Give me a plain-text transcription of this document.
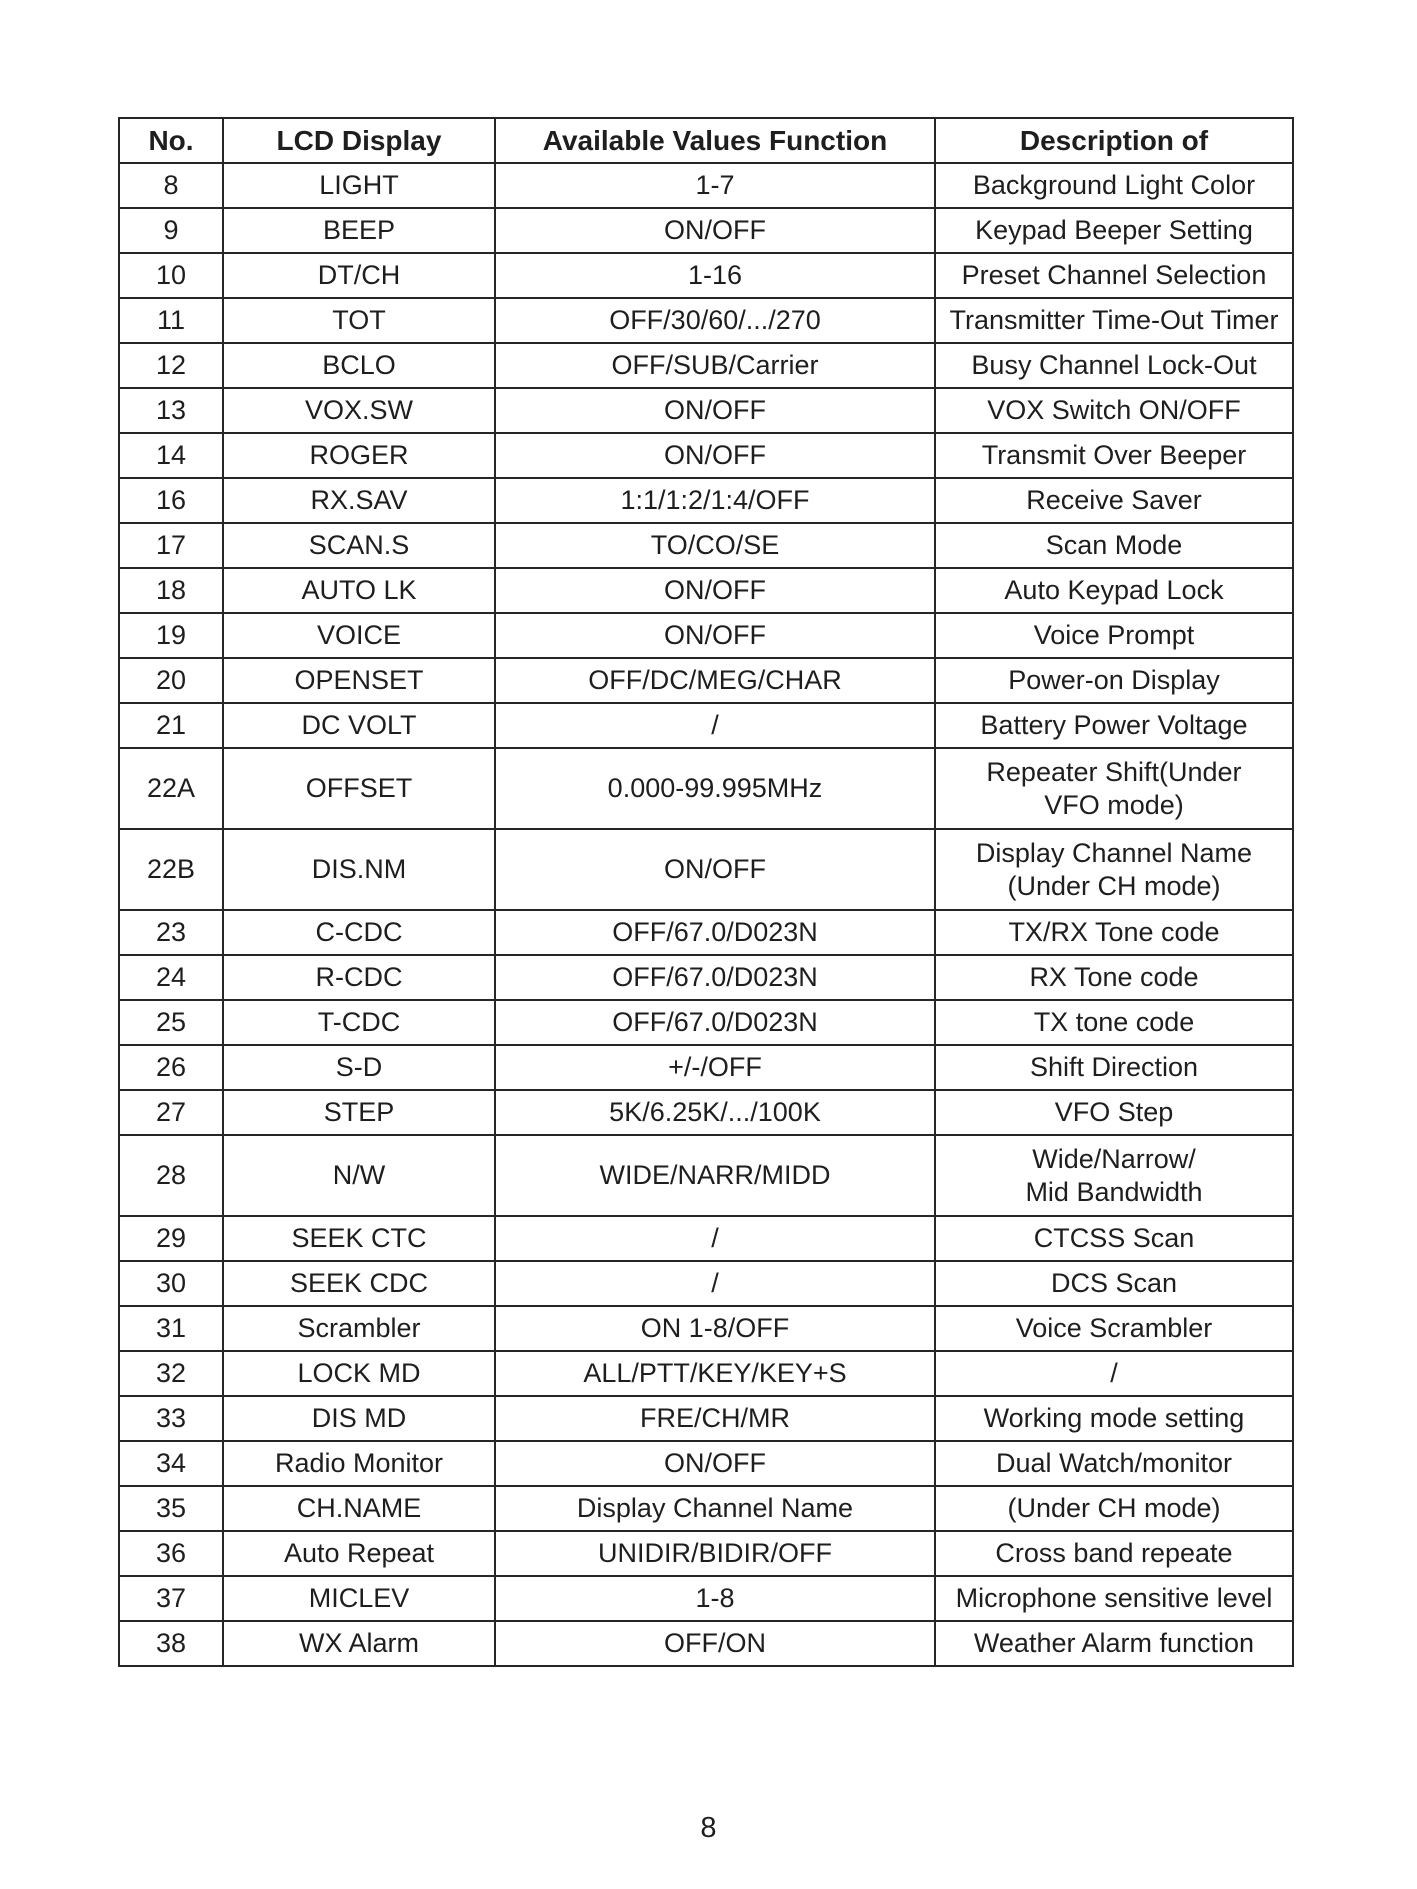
No.	LCD Display	Available Values Function	Description of
8	LIGHT	1-7	Background Light Color
9	BEEP	ON/OFF	Keypad Beeper Setting
10	DT/CH	1-16	Preset Channel Selection
11	TOT	OFF/30/60/.../270	Transmitter Time-Out Timer
12	BCLO	OFF/SUB/Carrier	Busy Channel Lock-Out
13	VOX.SW	ON/OFF	VOX Switch ON/OFF
14	ROGER	ON/OFF	Transmit Over Beeper
16	RX.SAV	1:1/1:2/1:4/OFF	Receive Saver
17	SCAN.S	TO/CO/SE	Scan Mode
18	AUTO LK	ON/OFF	Auto Keypad Lock
19	VOICE	ON/OFF	Voice Prompt
20	OPENSET	OFF/DC/MEG/CHAR	Power-on Display
21	DC VOLT	/	Battery Power Voltage
22A	OFFSET	0.000-99.995MHz	Repeater Shift(Under
VFO mode)
22B	DIS.NM	ON/OFF	Display Channel Name
(Under CH mode)
23	C-CDC	OFF/67.0/D023N	TX/RX Tone code
24	R-CDC	OFF/67.0/D023N	RX Tone code
25	T-CDC	OFF/67.0/D023N	TX tone code
26	S-D	+/-/OFF	Shift Direction
27	STEP	5K/6.25K/.../100K	VFO Step
28	N/W	WIDE/NARR/MIDD	Wide/Narrow/
Mid Bandwidth
29	SEEK CTC	/	CTCSS Scan
30	SEEK CDC	/	DCS Scan
31	Scrambler	ON 1-8/OFF	Voice Scrambler
32	LOCK MD	ALL/PTT/KEY/KEY+S	/
33	DIS MD	FRE/CH/MR	Working mode setting
34	Radio Monitor	ON/OFF	Dual Watch/monitor
35	CH.NAME	Display Channel Name	(Under CH mode)
36	Auto Repeat	UNIDIR/BIDIR/OFF	Cross band repeate
37	MICLEV	1-8	Microphone sensitive level
38	WX Alarm	OFF/ON	Weather Alarm function
8
